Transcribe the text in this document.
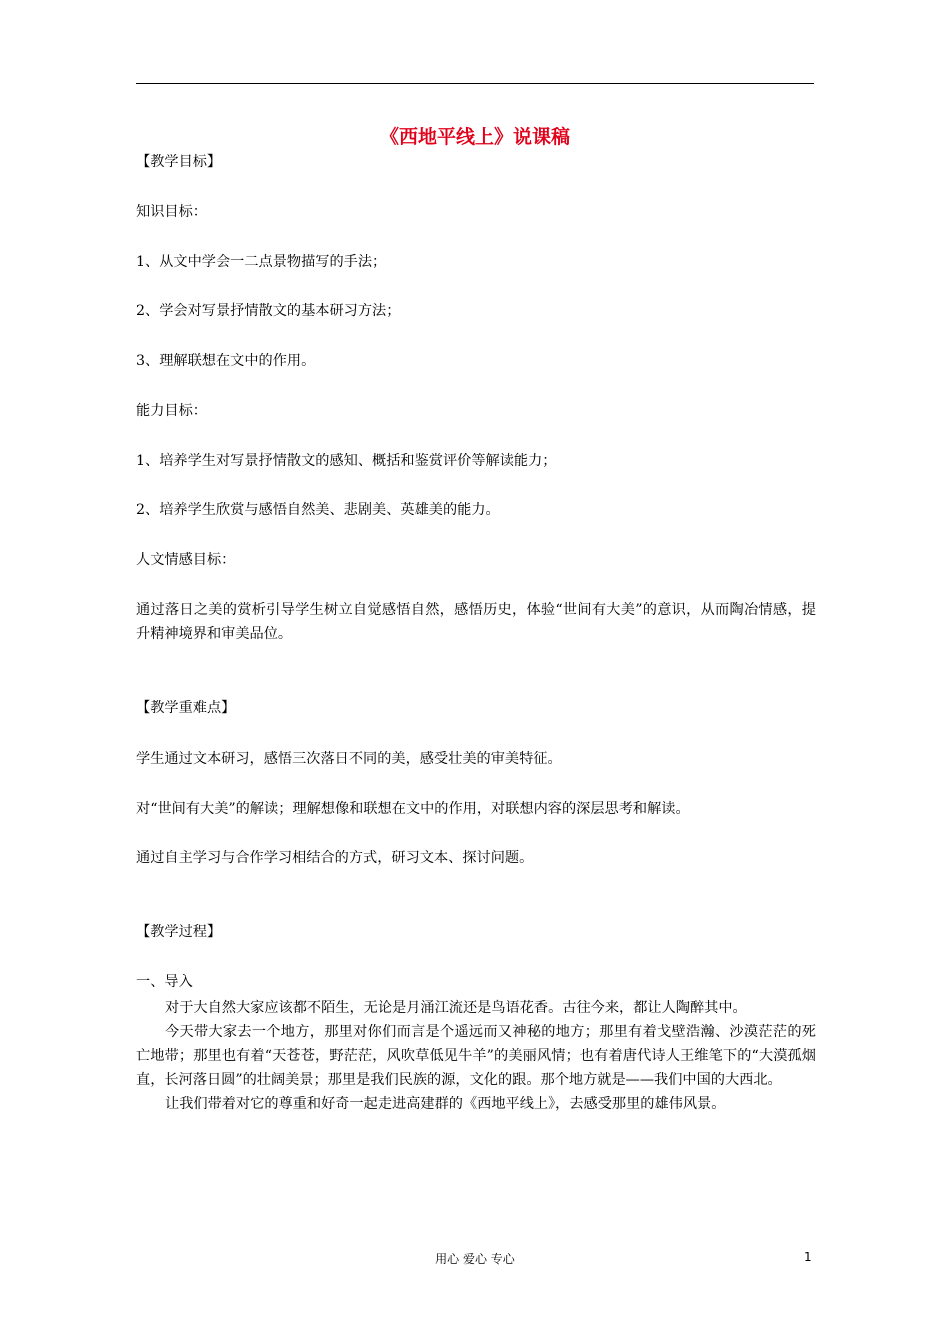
《西地平线上》说课稿
【教学目标】
知识目标：
1、从文中学会一二点景物描写的手法；
2、学会对写景抒情散文的基本研习方法；
3、理解联想在文中的作用。
能力目标：
1、培养学生对写景抒情散文的感知、概括和鉴赏评价等解读能力；
2、培养学生欣赏与感悟自然美、悲剧美、英雄美的能力。
人文情感目标：

通过落日之美的赏析引导学生树立自觉感悟自然，感悟历史，体验“世间有大美”的意识，从而陶冶情感，提升精神境界和审美品位。

【教学重难点】
学生通过文本研习，感悟三次落日不同的美，感受壮美的审美特征。
对“世间有大美”的解读；理解想像和联想在文中的作用，对联想内容的深层思考和解读。
通过自主学习与合作学习相结合的方式，研习文本、探讨问题。
【教学过程】
一、导入

对于大自然大家应该都不陌生，无论是月涌江流还是鸟语花香。古往今来，都让人陶醉其中。

今天带大家去一个地方，那里对你们而言是个遥远而又神秘的地方；那里有着戈壁浩瀚、沙漠茫茫的死亡地带；那里也有着“天苍苍，野茫茫，风吹草低见牛羊”的美丽风情；也有着唐代诗人王维笔下的“大漠孤烟直，长河落日圆”的壮阔美景；那里是我们民族的源，文化的跟。那个地方就是——我们中国的大西北。

让我们带着对它的尊重和好奇一起走进高建群的《西地平线上》，去感受那里的雄伟风景。

用心 爱心 专心	1
